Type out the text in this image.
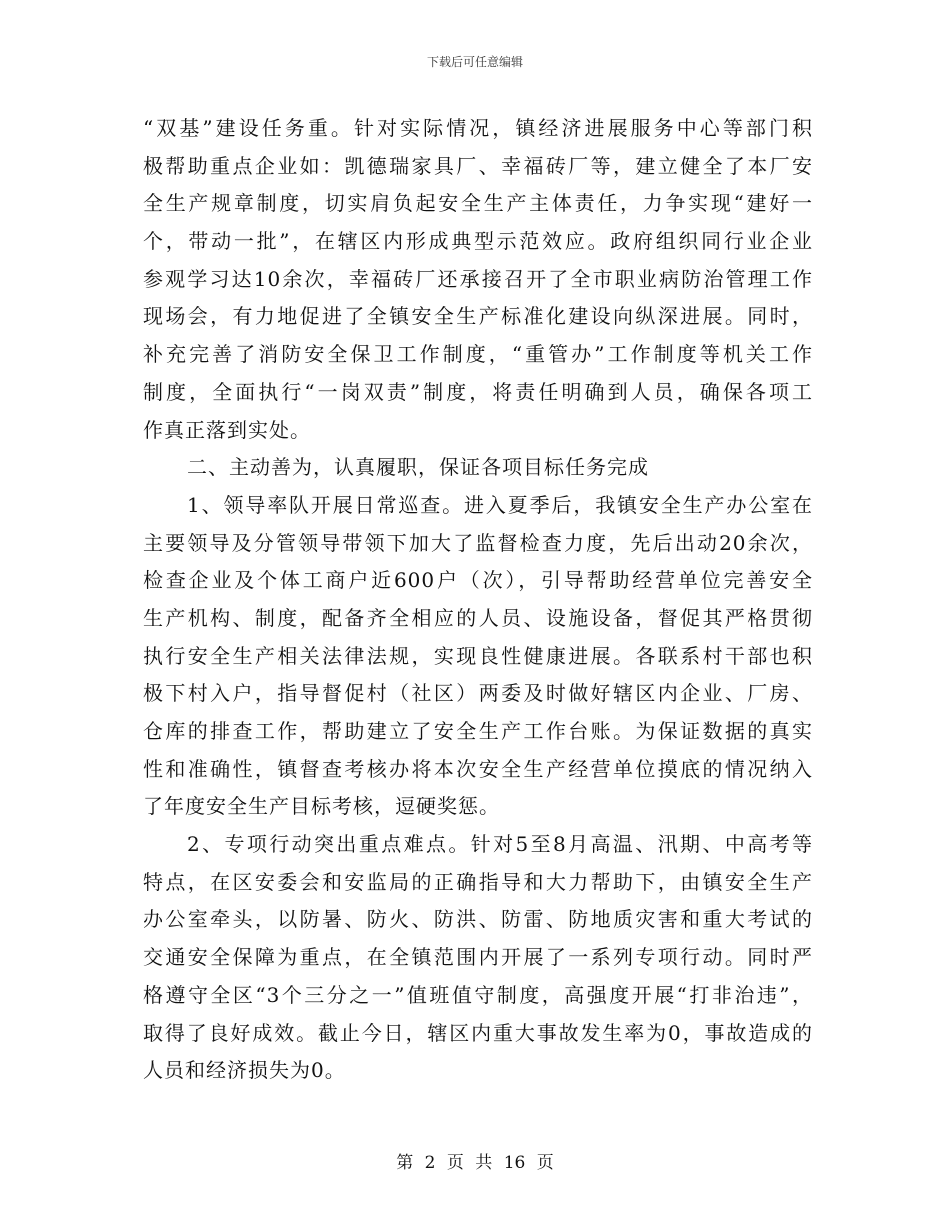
下载后可任意编辑
“双基”建设任务重。针对实际情况，镇经济进展服务中心等部门积
极帮助重点企业如：凯德瑞家具厂、幸福砖厂等，建立健全了本厂安
全生产规章制度，切实肩负起安全生产主体责任，力争实现“建好一
个，带动一批”，在辖区内形成典型示范效应。政府组织同行业企业
参观学习达10余次，幸福砖厂还承接召开了全市职业病防治管理工作
现场会，有力地促进了全镇安全生产标准化建设向纵深进展。同时，
补充完善了消防安全保卫工作制度，“重管办”工作制度等机关工作
制度，全面执行“一岗双责”制度，将责任明确到人员，确保各项工
作真正落到实处。
二、主动善为，认真履职，保证各项目标任务完成
1、领导率队开展日常巡查。进入夏季后，我镇安全生产办公室在
主要领导及分管领导带领下加大了监督检查力度，先后出动20余次，
检查企业及个体工商户近600户（次），引导帮助经营单位完善安全
生产机构、制度，配备齐全相应的人员、设施设备，督促其严格贯彻
执行安全生产相关法律法规，实现良性健康进展。各联系村干部也积
极下村入户，指导督促村（社区）两委及时做好辖区内企业、厂房、
仓库的排查工作，帮助建立了安全生产工作台账。为保证数据的真实
性和准确性，镇督查考核办将本次安全生产经营单位摸底的情况纳入
了年度安全生产目标考核，逗硬奖惩。
2、专项行动突出重点难点。针对5至8月高温、汛期、中高考等
特点，在区安委会和安监局的正确指导和大力帮助下，由镇安全生产
办公室牵头，以防暑、防火、防洪、防雷、防地质灾害和重大考试的
交通安全保障为重点，在全镇范围内开展了一系列专项行动。同时严
格遵守全区“3个三分之一”值班值守制度，高强度开展“打非治违”，
取得了良好成效。截止今日，辖区内重大事故发生率为0，事故造成的
人员和经济损失为0。
第 2 页 共 16 页
